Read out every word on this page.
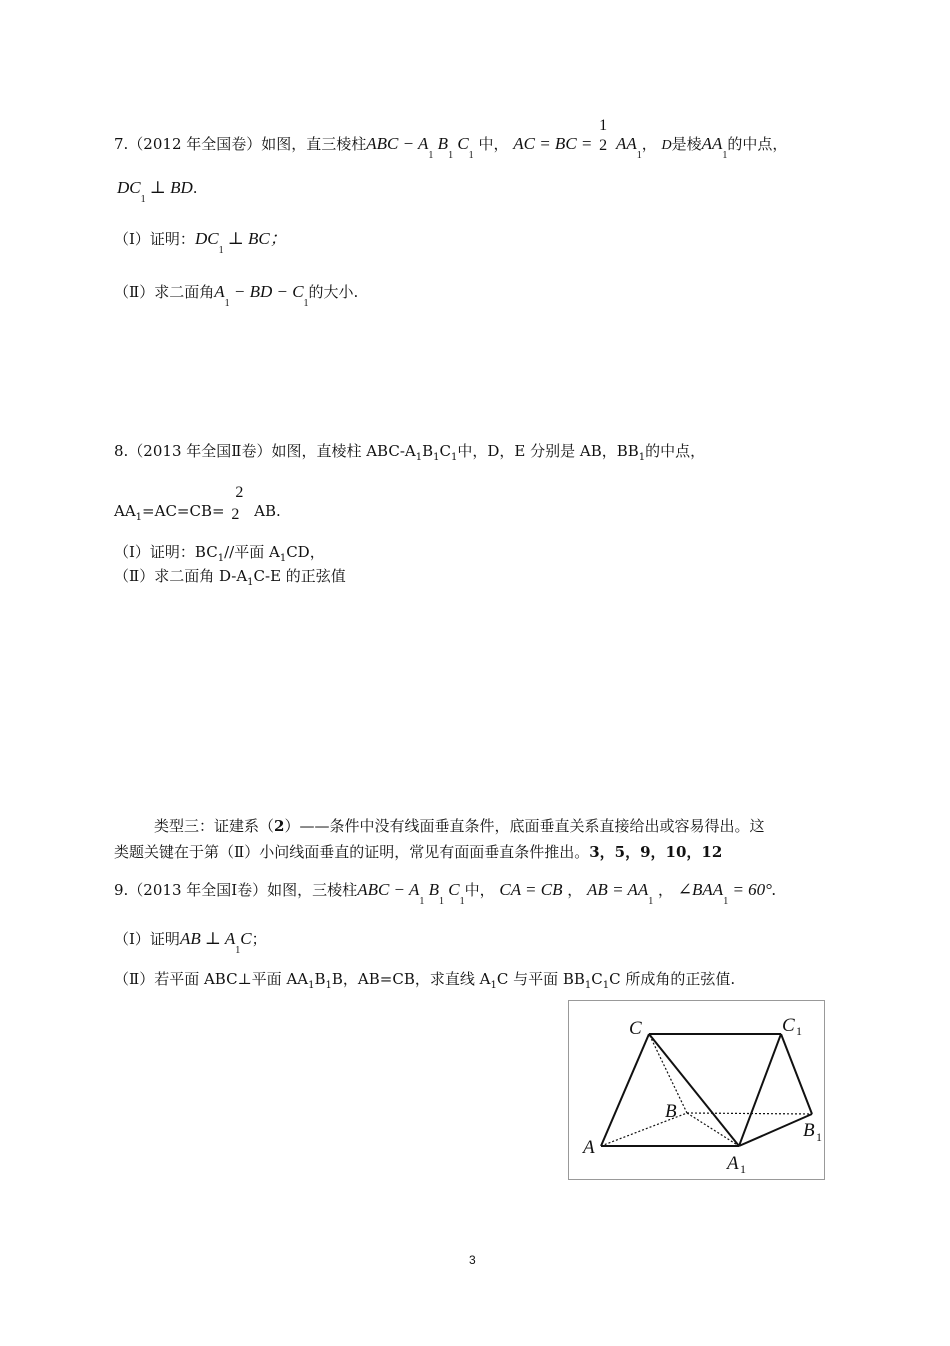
7.（2012 年全国卷）如图，直三棱柱ABC − $A_1$ $B_1$ $C_1$ 中， AC = BC =
1
2 $AA_1$， D是棱$AA_1$的中点，
$DC_1$ ⊥ BD.
（Ⅰ）证明：$DC_1$ ⊥ BC；
（Ⅱ）求二面角$A_1$ − BD − $C_1$的大小.
8.（2013 年全国Ⅱ卷）如图，直棱柱 ABC-$A_1B_1C_1$中，D，E 分别是 AB，$BB_1$的中点，
$AA_1=AC=CB=$
2
2 AB.
（Ⅰ）证明：$BC_1//$平面 $A_1CD$，
（Ⅱ）求二面角 $D-A_1C-E$ 的正弦值
类型三：证建系（2）——条件中没有线面垂直条件，底面垂直关系直接给出或容易得出。这
类题关键在于第（Ⅱ）小问线面垂直的证明，常见有面面垂直条件推出。3，5，9，10，12
9.（2013 年全国Ⅰ卷）如图，三棱柱ABC − $A_1$ $B_1$ $C_1$中， CA = CB ， AB = $AA_1$ ， $\angle BAA_1 = 60^\circ$.
（Ⅰ）证明AB ⊥ $A_1C$；
（Ⅱ）若平面 ABC⊥平面 $AA_1B_1B$，AB=CB，求直线 $A_1C$ 与平面 $BB_1C_1C$ 所成角的正弦值.
C	C 1
B
B 1
A
A 1
3
